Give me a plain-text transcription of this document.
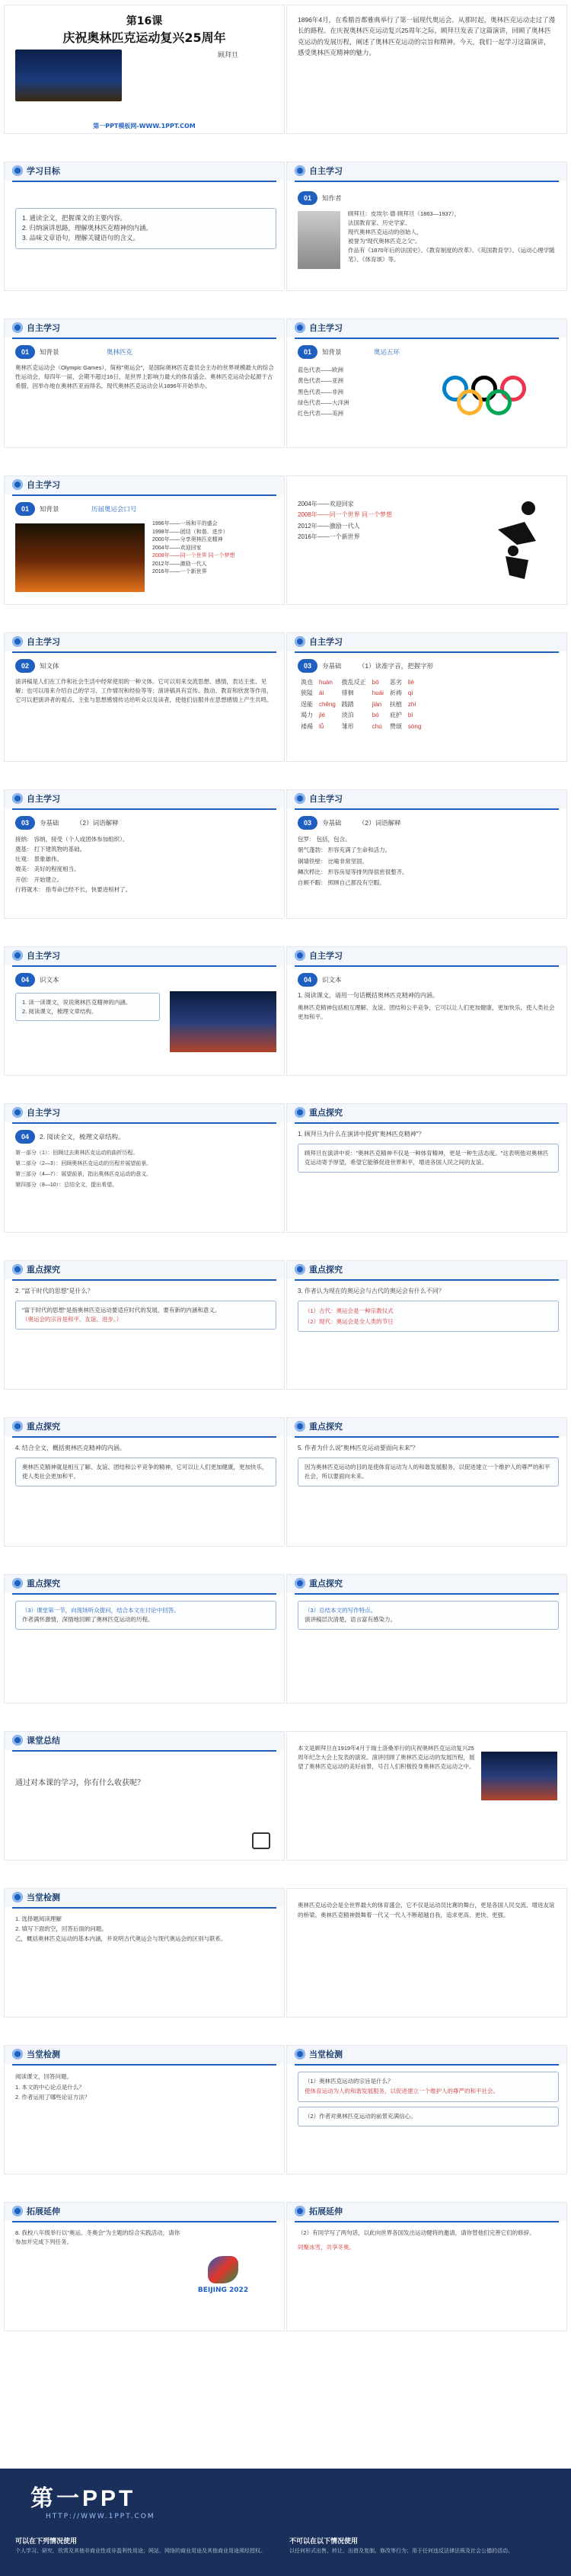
第16课
庆祝奥林匹克运动复兴25周年
顾拜旦
第一PPT模板网-WWW.1PPT.COM
1896年4月，在希腊首都雅典举行了第一届现代奥运会。从那时起，奥林匹克运动走过了漫长的路程。在庆祝奥林匹克运动复兴25周年之际，顾拜旦发表了这篇演讲，回顾了奥林匹克运动的发展历程，阐述了奥林匹克运动的宗旨和精神。今天，我们一起学习这篇演讲，感受奥林匹克精神的魅力。
学习目标
1. 通读全文，把握课文的主要内容。
2. 归纳演讲思路，理解奥林匹克精神的内涵。
3. 品味文章语句，理解关键语句的含义。
自主学习
01 知作者
顾拜旦：皮埃尔·德·顾拜旦（1863—1937），
法国教育家、历史学家、
现代奥林匹克运动的创始人，
被誉为"现代奥林匹克之父"。
作品有《1870年后的法国史》、《教育制度的改革》、《英国教育学》、《运动心理学随笔》、《体育颂》等。
自主学习
01 知背景	奥林匹克
奥林匹克运动会（Olympic Games），简称"奥运会"，是国际奥林匹克委员会主办的世界规模最大的综合性运动会，每四年一届，会期不超过16日，是世界上影响力最大的体育盛会。奥林匹克运动会起源于古希腊，因举办地在奥林匹亚而得名。现代奥林匹克运动会从1896年开始举办。
自主学习
01 知背景	奥运五环
蓝色代表——欧洲
黄色代表——亚洲
黑色代表——非洲
绿色代表——大洋洲
红色代表——美洲
自主学习
01 知背景	历届奥运会口号
1996年——一场和平的盛会
1998年——团结（和谐、进步）
2000年——分享奥林匹克精神
2004年——欢迎回家
2008年——同一个世界 同一个梦想
2012年——激励一代人
2016年——一个新世界
2004年——欢迎回家
2008年——同一个世界 同一个梦想
2012年——激励一代人
2016年——一个新世界
自主学习
02 知文体
演讲稿是人们在工作和社会生活中经常使用的一种文体。它可以用来交流思想、感情，表达主张、见解；也可以用来介绍自己的学习、工作情况和经验等等；演讲稿具有宣传、鼓动、教育和欣赏等作用，它可以把演讲者的观点、主张与思想感情传达给听众以及读者，使他们信服并在思想感情上产生共鸣。
自主学习
03 夯基础	（1）读准字音，把握字形
涣也	huàn	拨乱反正	bō	恶劣	liè
狭隘	ài	徘徊	huái	祈祷	qí
逞能	chěng	践踏	jiàn	扶植	zhí
竭力	jié	淡泊	bó	庇护	bì
褛裼	lǚ	雏形	chú	赞颂	sòng
自主学习
03 夯基础	（2）词语解释
接纳： 容纳，接受（个人或团体参加组织）。
奠基： 打下建筑物的基础。
壮观： 景象雄伟。
媲美： 美好的程度相当。
开创： 开始建立。
行将就木： 指寿命已经不长，快要进棺材了。
自主学习
03 夯基础	（2）词语解释
包罗： 包括，包含。
朝气蓬勃： 形容充满了生命和活力。
铜墙铁壁： 比喻非常坚固。
鳞次栉比： 形容房屋等排列得很密很整齐。
自顾不暇： 照顾自己都没有空暇。
自主学习
04 识文本
1. 读一读课文，说说奥林匹克精神的内涵。
2. 阅读课文，梳理文章结构。
自主学习
04 识文本
1. 阅读课文，请用一句话概括奥林匹克精神的内涵。
奥林匹克精神包括相互理解、友谊、团结和公平竞争，它可以让人们更加健康，更加快乐，使人类社会更加和平。
自主学习
04 2. 阅读全文，梳理文章结构。
第一部分（1）：回顾过去奥林匹克运动的曲折历程。
第二部分（2—3）：回顾奥林匹克运动的历程并展望前景。
第三部分（4—7）：展望前景，指出奥林匹克运动的意义。
第四部分（8—10）：总结全文，提出希望。
重点探究
1. 顾拜旦为什么在演讲中提到"奥林匹克精神"？
顾拜旦在演讲中说："奥林匹克精神不仅是一种体育精神，更是一种生活态度。"这表明他对奥林匹克运动寄予厚望，希望它能够促进世界和平，增进各国人民之间的友谊。
重点探究
2. "富于时代的思想"是什么？
"富于时代的思想"是指奥林匹克运动要适应时代的发展，要有新的内涵和意义。
（奥运会的宗旨是和平、友谊、进步。）
重点探究
3. 作者认为现在的奥运会与古代的奥运会有什么不同？
（1）古代：奥运会是一种宗教仪式
（2）现代：奥运会是全人类的节日
重点探究
4. 结合全文，概括奥林匹克精神的内涵。
奥林匹克精神就是相互了解、友谊、团结和公平竞争的精神，它可以让人们更加健康，更加快乐，使人类社会更加和平。
重点探究
5. 作者为什么说"奥林匹克运动要面向未来"？
因为奥林匹克运动的目的是使体育运动为人的和谐发展服务，以促进建立一个维护人的尊严的和平社会，所以要面向未来。
重点探究
（3）课堂第一节，向现场听众提问，结合本文在讨论中回答。
作者满怀激情，深情地回顾了奥林匹克运动的历程。
重点探究
（3）总结本文的写作特点。
演讲稿层次清楚，语言富有感染力。
课堂总结
通过对本课的学习，你有什么收获呢？
本文是顾拜旦在1919年4月于瑞士洛桑举行的庆祝奥林匹克运动复兴25周年纪念大会上发表的演说。演讲回顾了奥林匹克运动的发展历程，展望了奥林匹克运动的美好前景，号召人们积极投身奥林匹克运动之中。
当堂检测
1. 选择题阅读理解
2. 填写下面的空，回答后面的问题。
乙，概括奥林匹克运动的基本内涵，并说明古代奥运会与现代奥运会的区别与联系。
奥林匹克运动会是全世界最大的体育盛会，它不仅是运动员比赛的舞台，更是各国人民交流、增进友谊的桥梁。奥林匹克精神鼓舞着一代又一代人不断超越自我，追求更高、更快、更强。
当堂检测
阅读课文，回答问题。
1. 本文的中心论点是什么？
2. 作者运用了哪些论证方法？
当堂检测
（1）奥林匹克运动的宗旨是什么？
使体育运动为人的和谐发展服务，以促进建立一个维护人的尊严的和平社会。
（2）作者对奥林匹克运动的前景充满信心。
拓展延伸
8. 我校八年级举行以"奥运、冬奥会"为主题的综合实践活动，请你参加并完成下列任务。
BEIJING 2022
拓展延伸
（2）有同学写了两句话，以此向世界各国发出运动健将的邀请，请你替他们完善它们的修辞。
同聚冰雪，共享冬奥。
第一PPT
HTTP://WWW.1PPT.COM
可以在下列情况使用
个人学习、研究、欣赏及其他非商业性或非盈利性用途；网站、网络的商业用途及其他商业用途须经授权。
不可以在以下情况使用
以任何形式出售、转让、出借及复制、修改等行为；用于任何违反法律法规及社会公德的活动。
